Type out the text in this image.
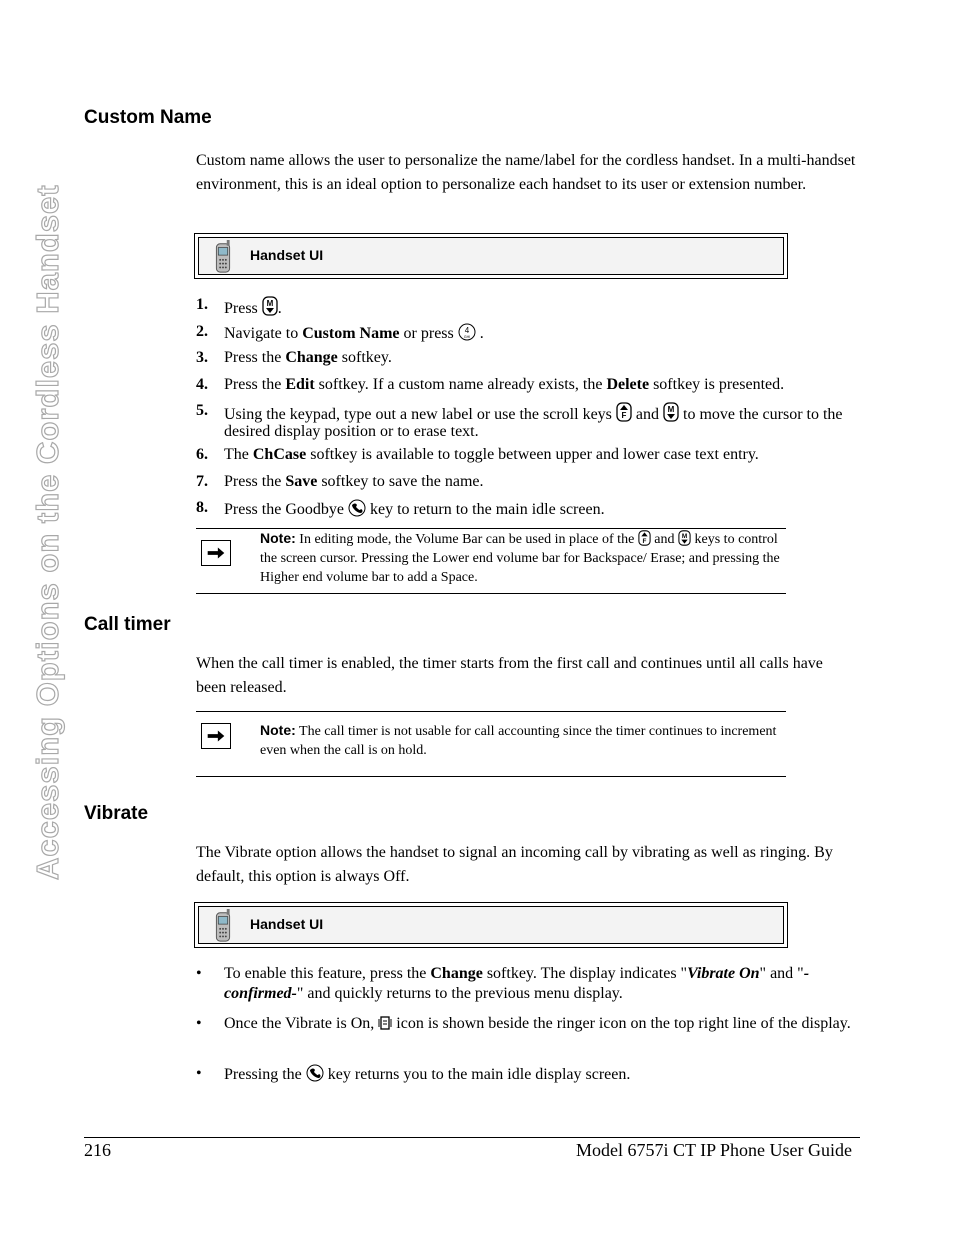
Accessing Options on the Cordless Handset
Custom Name

Custom name allows the user to personalize the name/label for the cordless handset. In a multi-handset environment, this is an ideal option to personalize each handset to its user or extension number.

Handset UI
1. Press .
2. Navigate to Custom Name or press  .
3. Press the Change softkey.
4. Press the Edit softkey. If a custom name already exists, the Delete softkey is presented.
5. Using the keypad, type out a new label or use the scroll keys  and  to move the cursor to the desired display position or to erase text.
6. The ChCase softkey is available to toggle between upper and lower case text entry.
7. Press the Save softkey to save the name.
8. Press the Goodbye  key to return to the main idle screen.
Note: In editing mode, the Volume Bar can be used in place of the  and  keys to control the screen cursor. Pressing the Lower end volume bar for Backspace/ Erase; and pressing the Higher end volume bar to add a Space.
Call timer

When the call timer is enabled, the timer starts from the first call and continues until all calls have been released.

Note: The call timer is not usable for call accounting since the timer continues to increment even when the call is on hold.
Vibrate

The Vibrate option allows the handset to signal an incoming call by vibrating as well as ringing. By default, this option is always Off.

Handset UI
• To enable this feature, press the Change softkey. The display indicates "Vibrate On" and "-confirmed-" and quickly returns to the previous menu display.
• Once the Vibrate is On,  icon is shown beside the ringer icon on the top right line of the display.
• Pressing the  key returns you to the main idle display screen.
216	Model 6757i CT IP Phone User Guide
